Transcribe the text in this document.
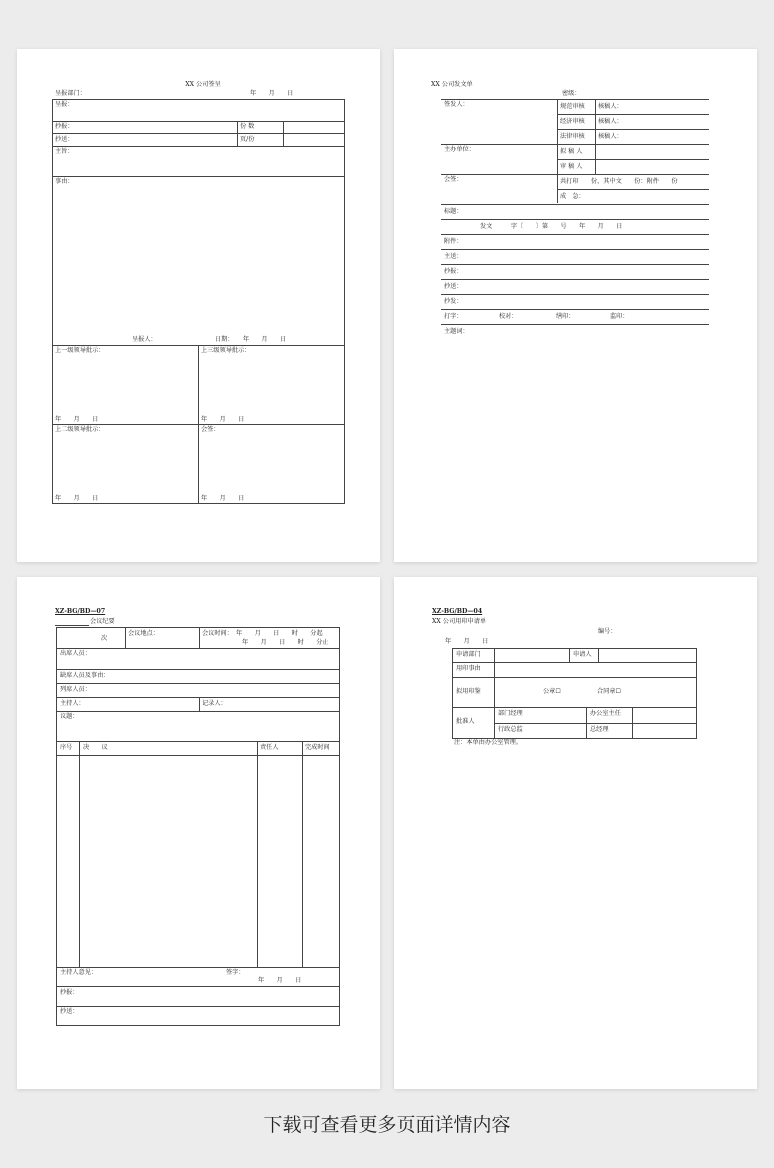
XX 公司签呈
呈报部门：	年　　月　　日
呈报：
抄报：	份 数
抄送：	页/份
主旨：
事由：
呈报人：	日期：　　年　　月　　日
上一级领导批示：	上三级领导批示：
年　　月　　日	年　　月　　日
上二级领导批示：	会签：
年　　月　　日	年　　月　　日
XX 公司发文单
密级：
签发人：	规范审核 核稿人：
经济审核 核稿人：
法律审核 核稿人：
主办单位：	拟 稿 人
审 稿 人
会签：	共打印　　份，其中文　　份：附件　　份
成　急：
标题：
发文　　　字〔　　〕第　　号　　年　　月　　日
附件：
主送：
抄报：
抄送：
抄发：
打字：	校对：	缮印：	监印：
主题词：
XZ-BG/BD—07
会议纪要
次
会议地点：	会议时间：　年　　月　　日　　时　　分起
年　　月　　日　　时　　分止
出席人员：
缺席人员及事由：
列席人员：
主持人：	记录人：
议题：
序号 决　　议	责任人	完成时间
主持人意见：	签字：
年　　月　　日
抄报：
抄送：
XZ-BG/BD—04
XX 公司用印申请单
编号：
年　　月　　日
申请部门	申请人
用印事由
拟用印鉴	公章☐	合同章☐
批准人
部门经理	办公室主任
行政总监	总经理
注：本单由办公室管理。
下载可查看更多页面详情内容
